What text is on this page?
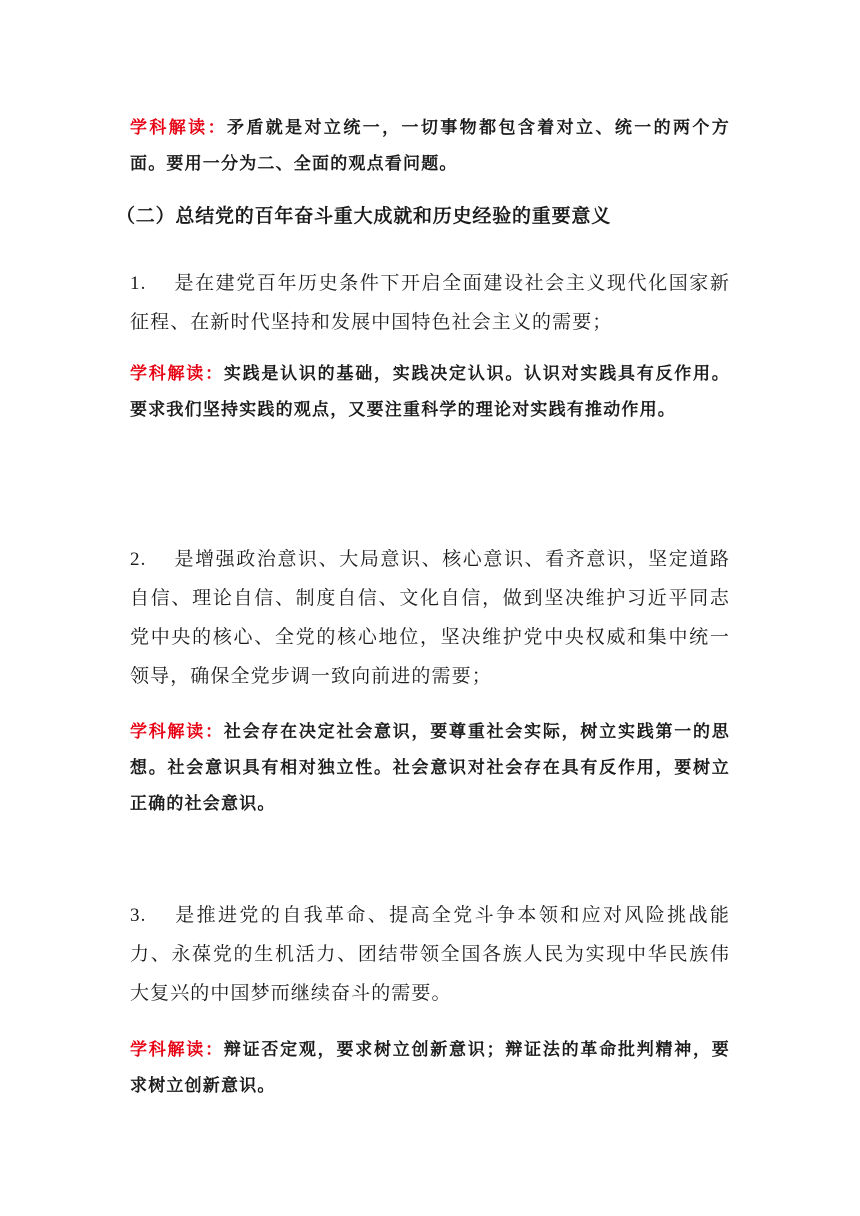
学科解读：矛盾就是对立统一，一切事物都包含着对立、统一的两个方面。要用一分为二、全面的观点看问题。

（二）总结党的百年奋斗重大成就和历史经验的重要意义

1. 是在建党百年历史条件下开启全面建设社会主义现代化国家新征程、在新时代坚持和发展中国特色社会主义的需要；

学科解读：实践是认识的基础，实践决定认识。认识对实践具有反作用。要求我们坚持实践的观点，又要注重科学的理论对实践有推动作用。

2. 是增强政治意识、大局意识、核心意识、看齐意识，坚定道路自信、理论自信、制度自信、文化自信，做到坚决维护习近平同志党中央的核心、全党的核心地位，坚决维护党中央权威和集中统一领导，确保全党步调一致向前进的需要；

学科解读：社会存在决定社会意识，要尊重社会实际，树立实践第一的思想。社会意识具有相对独立性。社会意识对社会存在具有反作用，要树立正确的社会意识。

3. 是推进党的自我革命、提高全党斗争本领和应对风险挑战能力、永葆党的生机活力、团结带领全国各族人民为实现中华民族伟大复兴的中国梦而继续奋斗的需要。

学科解读：辩证否定观，要求树立创新意识；辩证法的革命批判精神，要求树立创新意识。
